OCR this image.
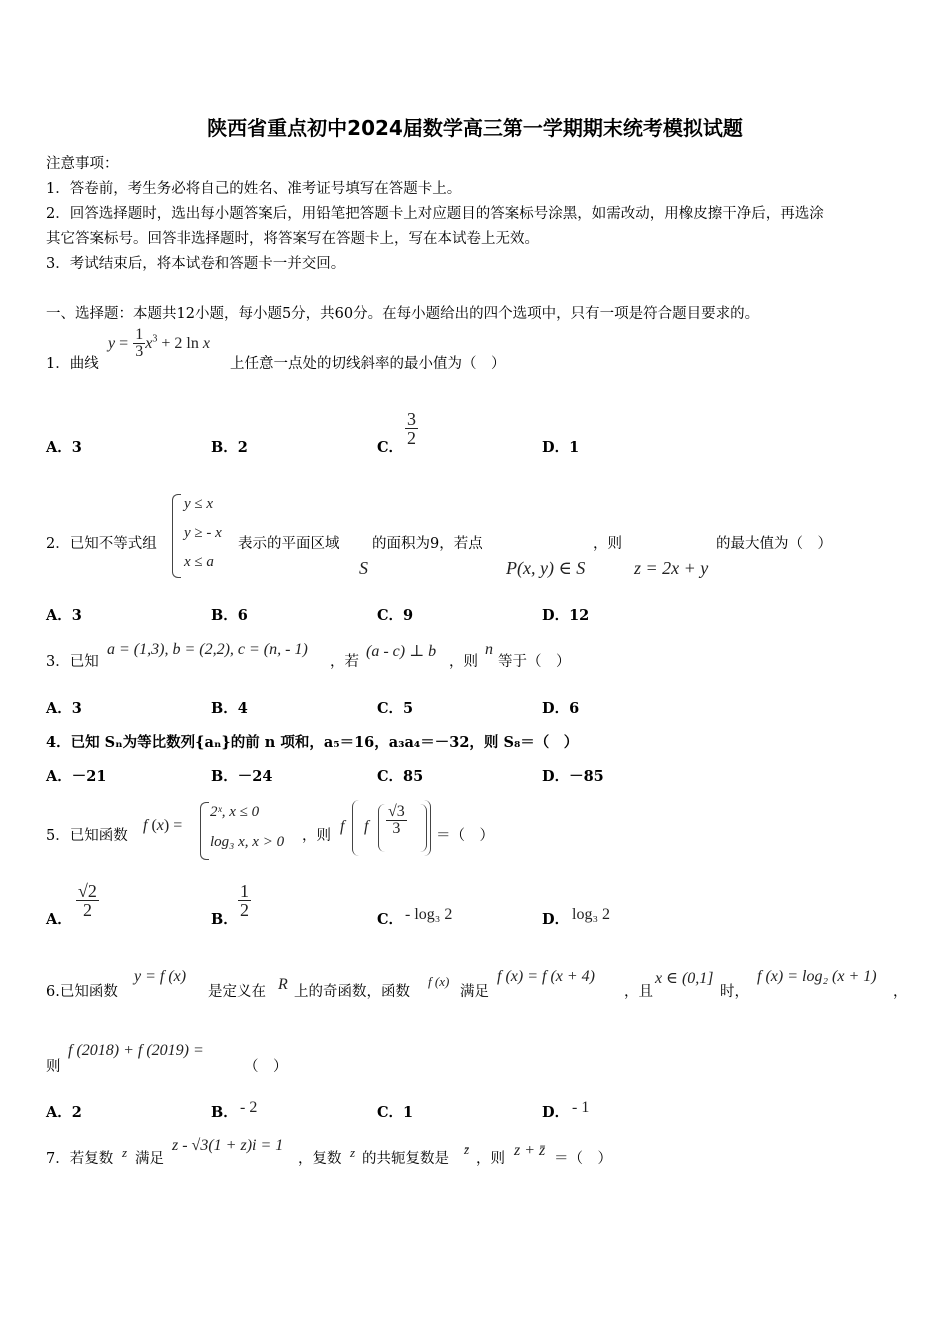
陕西省重点初中2024届数学高三第一学期期末统考模拟试题
注意事项：
1．答卷前，考生务必将自己的姓名、准考证号填写在答题卡上。
2．回答选择题时，选出每小题答案后，用铅笔把答题卡上对应题目的答案标号涂黑，如需改动，用橡皮擦干净后，再选涂
其它答案标号。回答非选择题时，将答案写在答题卡上，写在本试卷上无效。
3．考试结束后，将本试卷和答题卡一并交回。
一、选择题：本题共12小题，每小题5分，共60分。在每小题给出的四个选项中，只有一项是符合题目要求的。
1．曲线
$y = \frac{1}{3} x^3 + 2$ ln x
上任意一点处的切线斜率的最小值为（　）
A．3	B．2	C．
$\frac{3}{2}$
D．1
2．已知不等式组
y ≤ x
y ≥ - x
x ≤ a
表示的平面区域 的面积为9，若点	，则	的最大值为（　）
S	P(x, y) ∈ S	z = 2x + y
A．3	B．6	C．9	D．12
3．已知
a = (1,3), b = (2,2), c = (n, - 1)
，若
(a - c) ⊥ b
，则
n
等于（　）
A．3	B．4	C．5	D．6
4．已知 Sₙ为等比数列{aₙ}的前 n 项和，a₅＝16，a₃a₄＝－32，则 S₈＝（　）
A．－21	B．－24	C．85	D．－85
5．已知函数
f (x) =
2ˣ, x ≤ 0
log₃ x, x > 0 ，则
f f $\frac{√3}{3}$ ＝（　）
A．
$\frac{√2}{2}$
B．
$\frac{1}{2}$
C． - log₃ 2	D． log₃ 2
6.已知函数
y = f (x)
是定义在 R 上的奇函数，函数
f (x)
满足
f (x) = f (x + 4)
，且
x ∈ (0,1]
时，
f (x) = log₂ (x + 1)
，
则
f (2018) + f (2019) =
（　）
A．2	B． - 2	C．1	D． - 1
7．若复数 z 满足
z - √3(1 + z)i = 1
，复数 z 的共轭复数是
z̄
，则 z + z̄ ＝（　）
